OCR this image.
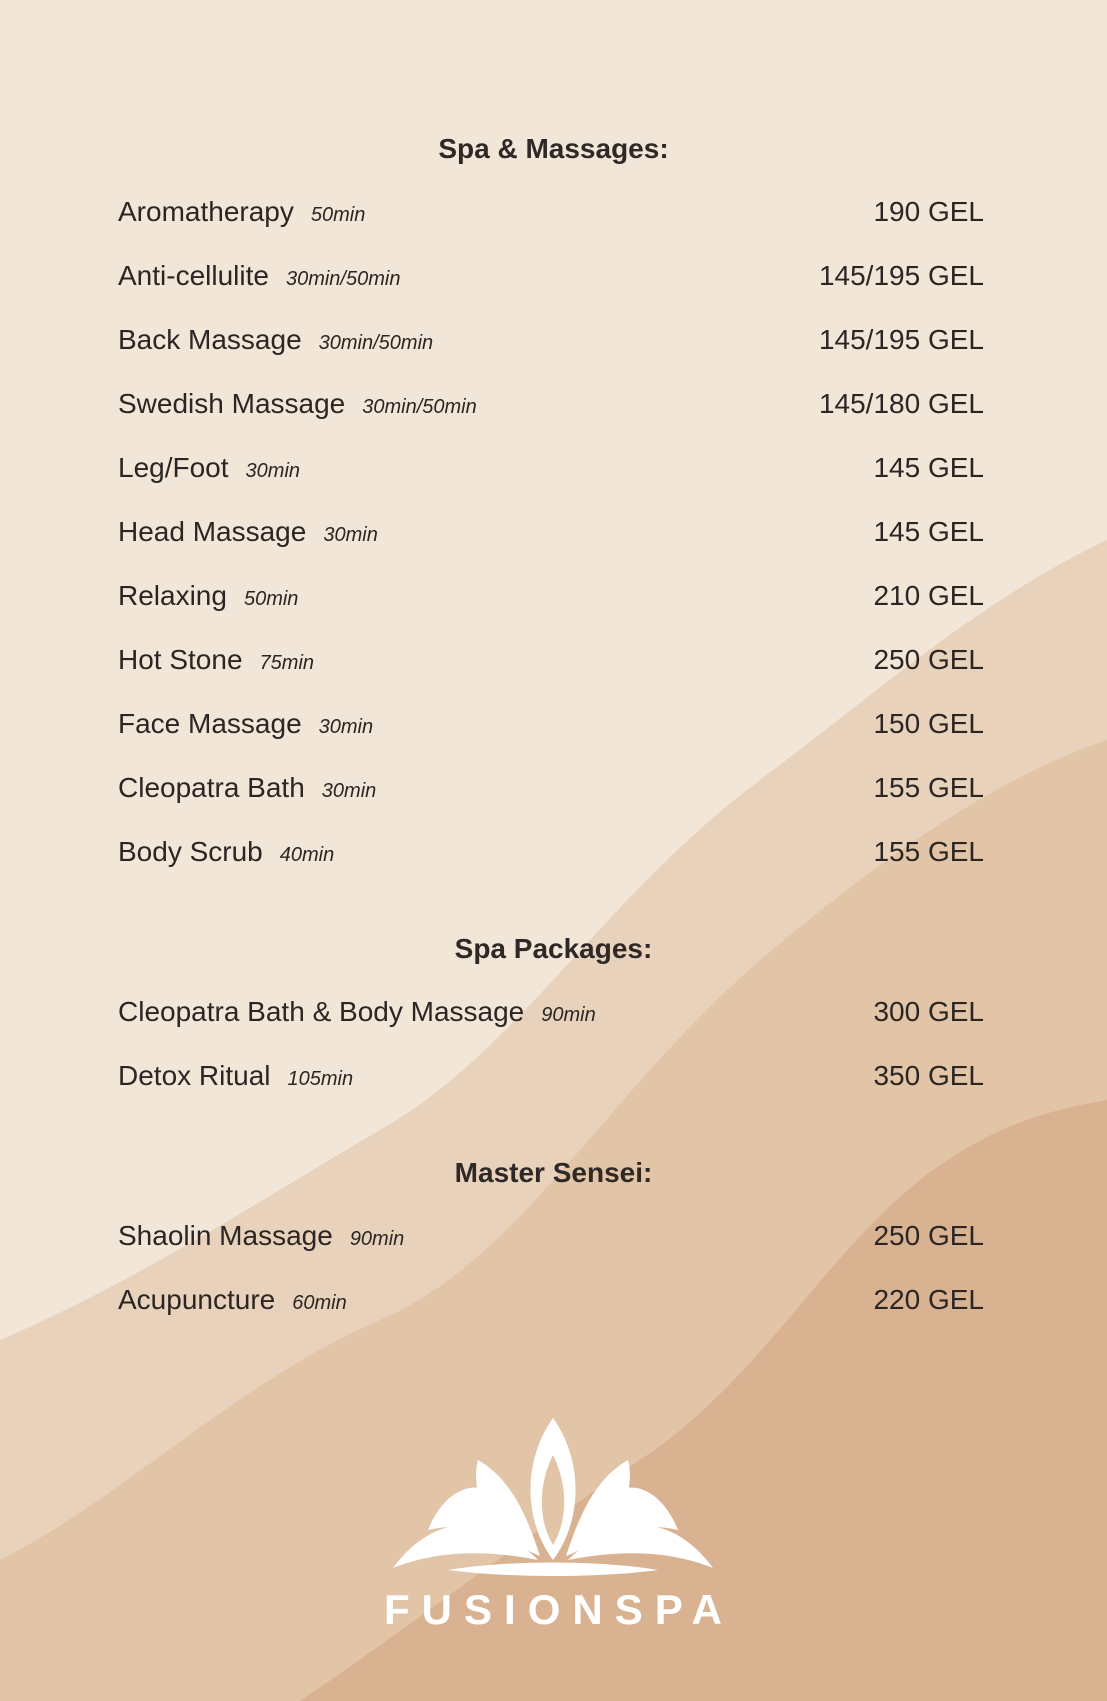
Spa & Massages:
Aromatherapy 50min	190 GEL
Anti-cellulite 30min/50min	145/195 GEL
Back Massage 30min/50min	145/195 GEL
Swedish Massage 30min/50min	145/180 GEL
Leg/Foot 30min	145 GEL
Head Massage 30min	145 GEL
Relaxing 50min	210 GEL
Hot Stone 75min	250 GEL
Face Massage 30min	150 GEL
Cleopatra Bath 30min	155 GEL
Body Scrub 40min	155 GEL
Spa Packages:
Cleopatra Bath & Body Massage 90min	300 GEL
Detox Ritual 105min	350 GEL
Master Sensei:
Shaolin Massage 90min	250 GEL
Acupuncture 60min	220 GEL
FUSIONSPA
